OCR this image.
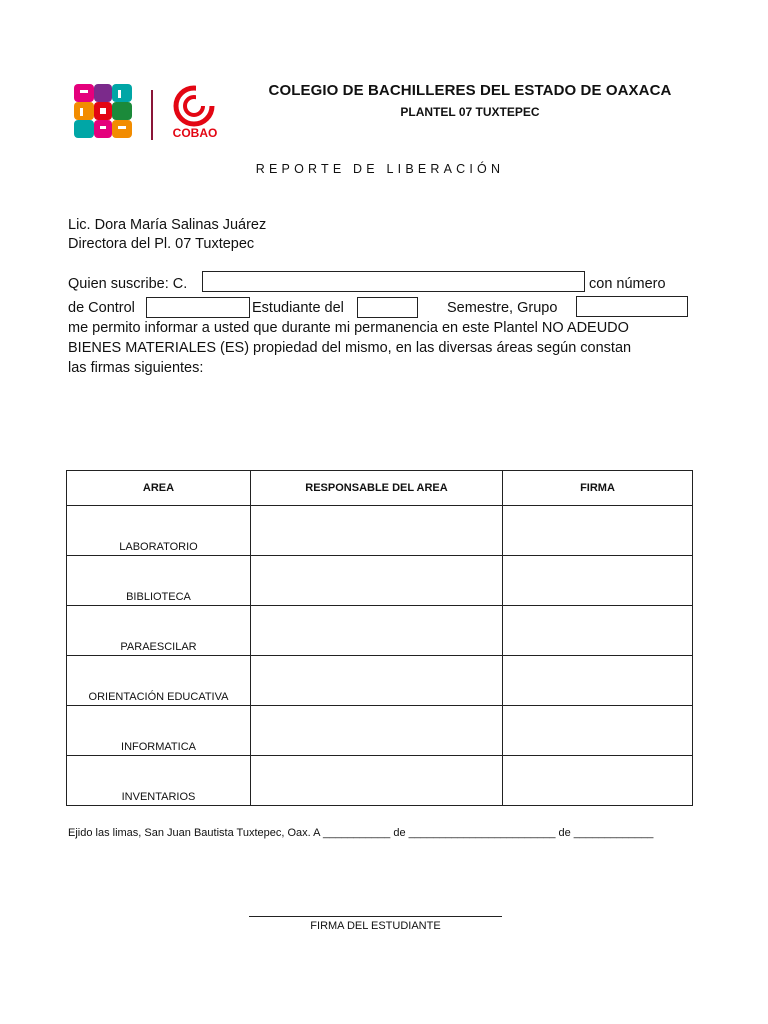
COBAO
COLEGIO DE BACHILLERES DEL ESTADO DE OAXACA
PLANTEL 07 TUXTEPEC
REPORTE DE LIBERACIÓN
Lic. Dora María Salinas Juárez
Directora del Pl. 07 Tuxtepec
Quien suscribe: C.	con número
de Control	Estudiante del	Semestre, Grupo
me permito informar a usted que durante mi permanencia en este Plantel NO ADEUDO
BIENES MATERIALES (ES) propiedad del mismo, en las diversas áreas según constan
las firmas siguientes:
AREA	RESPONSABLE DEL AREA	FIRMA

LABORATORIO		

BIBLIOTECA		

PARAESCILAR		

ORIENTACIÓN EDUCATIVA		

INFORMATICA		

INVENTARIOS		

Ejido las limas, San Juan Bautista Tuxtepec, Oax. A ___________ de ________________________ de _____________
FIRMA DEL ESTUDIANTE
